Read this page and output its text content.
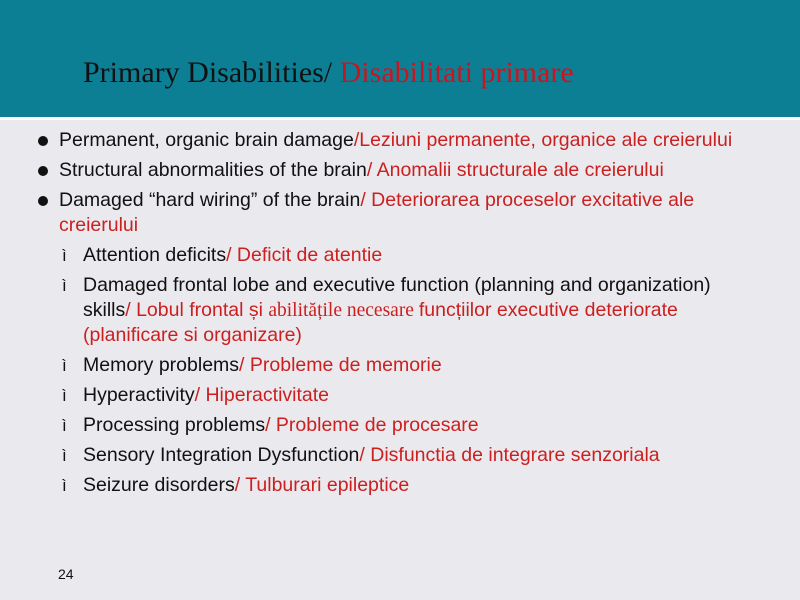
Primary Disabilities/ Disabilitati primare
Permanent, organic brain damage/Leziuni permanente, organice ale creierului
Structural abnormalities of the brain/ Anomalii structurale ale creierului
Damaged “hard wiring” of the brain/ Deteriorarea proceselor excitative ale creierului
ì Attention deficits/ Deficit de atentie
ì Damaged frontal lobe and executive function (planning and organization) skills/ Lobul frontal și abilitățile necesare funcțiilor executive deteriorate (planificare si organizare)
ì Memory problems/ Probleme de memorie
ì Hyperactivity/ Hiperactivitate
ì Processing problems/ Probleme de procesare
ì Sensory Integration Dysfunction/ Disfunctia de integrare senzoriala
ì Seizure disorders/ Tulburari epileptice
24
